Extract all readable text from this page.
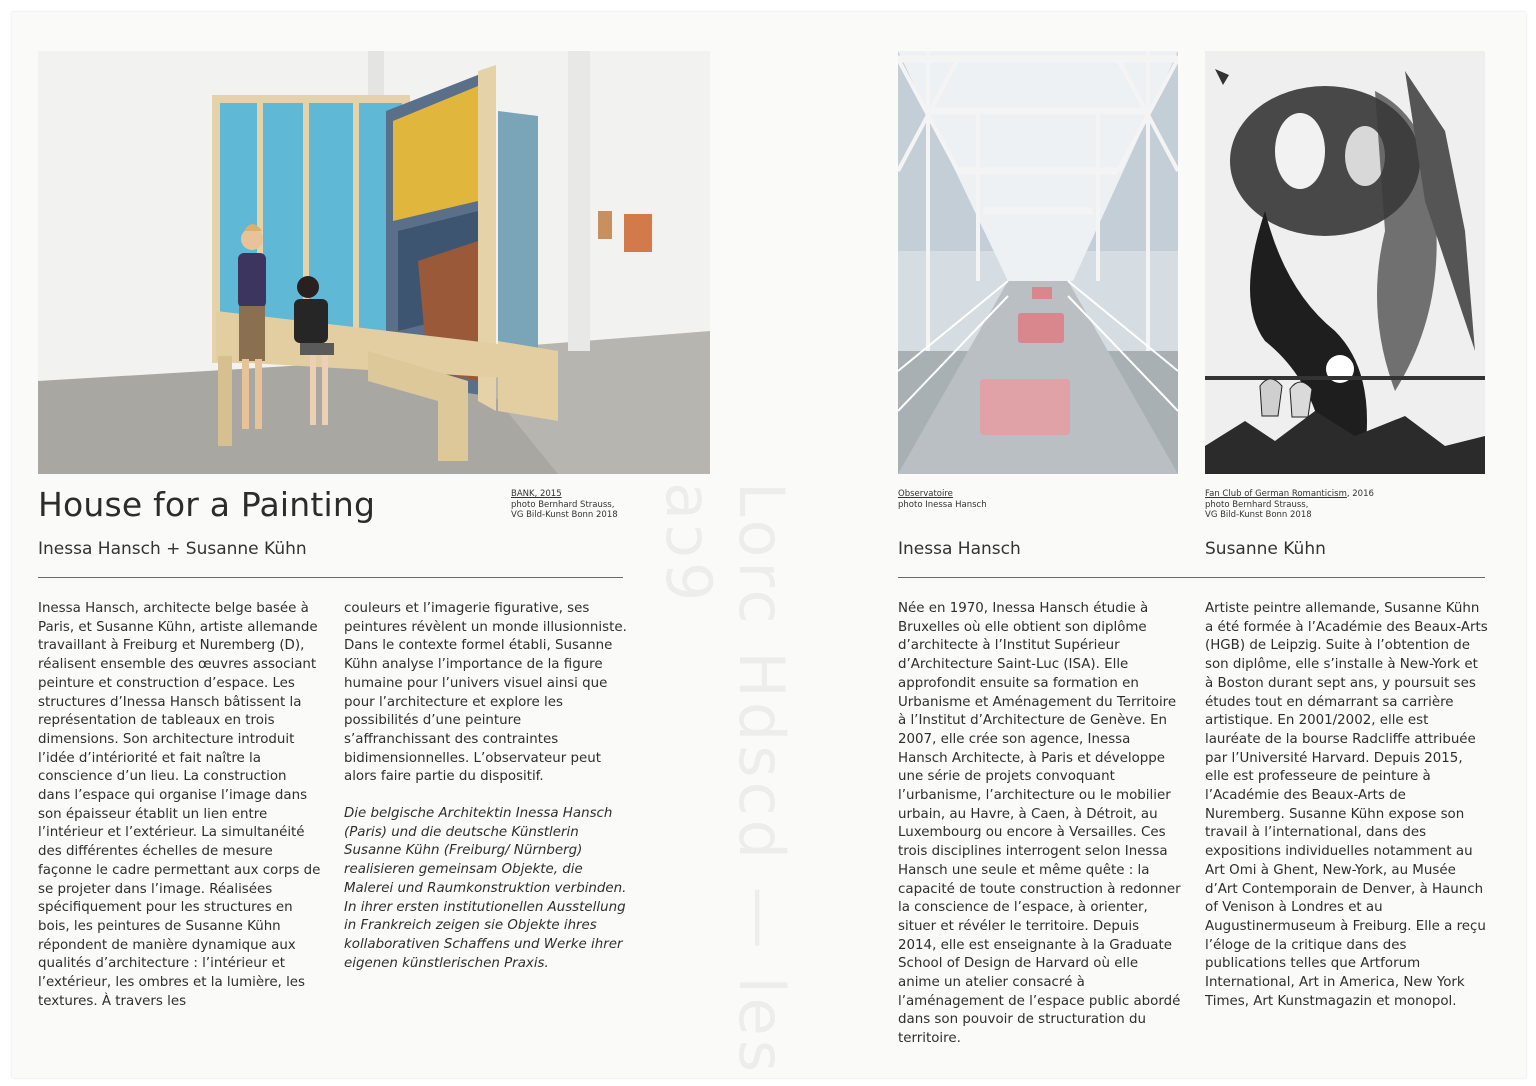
Lorc Hdscd — les aɔ9
BANK, 2015
photo Bernhard Strauss,
VG Bild-Kunst Bonn 2018
House for a Painting
Inessa Hansch + Susanne Kühn

Inessa Hansch, architecte belge basée à Paris, et Susanne Kühn, artiste allemande travaillant à Freiburg et Nuremberg (D), réalisent ensemble des œuvres associant peinture et construction d’espace. Les structures d’Inessa Hansch bâtissent la représentation de tableaux en trois dimensions. Son architecture introduit l’idée d’intériorité et fait naître la conscience d’un lieu. La construction dans l’espace qui organise l’image dans son épaisseur établit un lien entre l’intérieur et l’extérieur. La simultanéité des différentes échelles de mesure façonne le cadre permettant aux corps de se projeter dans l’image. Réalisées spécifiquement pour les structures en bois, les peintures de Susanne Kühn répondent de manière dynamique aux qualités d’architecture : l’intérieur et l’extérieur, les ombres et la lumière, les textures. À travers les

couleurs et l’imagerie figurative, ses peintures révèlent un monde illusionniste. Dans le contexte formel établi, Susanne Kühn analyse l’importance de la figure humaine pour l’univers visuel ainsi que pour l’architecture et explore les possibilités d’une peinture s’affranchissant des contraintes bidimensionnelles. L’observateur peut alors faire partie du dispositif.

Die belgische Architektin Inessa Hansch (Paris) und die deutsche Künstlerin Susanne Kühn (Freiburg/ Nürnberg) realisieren gemeinsam Objekte, die Malerei und Raumkonstruktion verbinden. In ihrer ersten institutionellen Ausstellung in Frankreich zeigen sie Objekte ihres kollaborativen Schaffens und Werke ihrer eigenen künstlerischen Praxis.

Observatoire
photo Inessa Hansch
Fan Club of German Romanticism, 2016
photo Bernhard Strauss,
VG Bild-Kunst Bonn 2018
Inessa Hansch	Susanne Kühn

Née en 1970, Inessa Hansch étudie à Bruxelles où elle obtient son diplôme d’architecte à l’Institut Supérieur d’Architecture Saint-Luc (ISA). Elle approfondit ensuite sa formation en Urbanisme et Aménagement du Territoire à l’Institut d’Architecture de Genève. En 2007, elle crée son agence, Inessa Hansch Architecte, à Paris et développe une série de projets convoquant l’urbanisme, l’architecture ou le mobilier urbain, au Havre, à Caen, à Détroit, au Luxembourg ou encore à Versailles. Ces trois disciplines interrogent selon Inessa Hansch une seule et même quête : la capacité de toute construction à redonner la conscience de l’espace, à orienter, situer et révéler le territoire. Depuis 2014, elle est enseignante à la Graduate School of Design de Harvard où elle anime un atelier consacré à l’aménagement de l’espace public abordé dans son pouvoir de structuration du territoire.

Artiste peintre allemande, Susanne Kühn a été formée à l’Académie des Beaux-Arts (HGB) de Leipzig. Suite à l’obtention de son diplôme, elle s’installe à New-York et à Boston durant sept ans, y poursuit ses études tout en démarrant sa carrière artistique. En 2001/2002, elle est lauréate de la bourse Radcliffe attribuée par l’Université Harvard. Depuis 2015, elle est professeure de peinture à l’Académie des Beaux-Arts de Nuremberg. Susanne Kühn expose son travail à l’international, dans des expositions individuelles notamment au Art Omi à Ghent, New-York, au Musée d’Art Contemporain de Denver, à Haunch of Venison à Londres et au Augustinermuseum à Freiburg. Elle a reçu l’éloge de la critique dans des publications telles que Artforum International, Art in America, New York Times, Art Kunstmagazin et monopol.
